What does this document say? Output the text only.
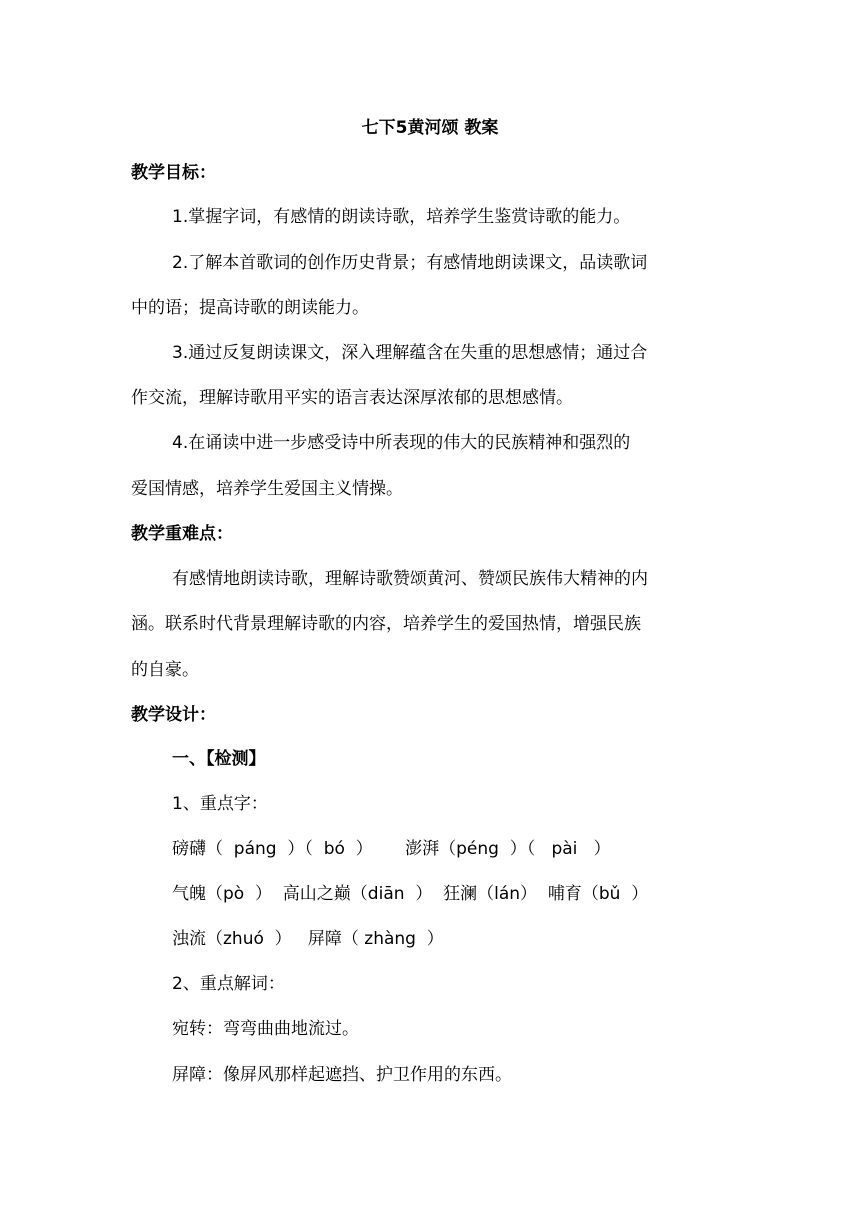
七下5黄河颂 教案
教学目标：
1.掌握字词，有感情的朗读诗歌，培养学生鉴赏诗歌的能力。
2.了解本首歌词的创作历史背景；有感情地朗读课文，品读歌词
中的语；提高诗歌的朗读能力。
3.通过反复朗读课文，深入理解蕴含在失重的思想感情；通过合
作交流，理解诗歌用平实的语言表达深厚浓郁的思想感情。
4.在诵读中进一步感受诗中所表现的伟大的民族精神和强烈的
爱国情感，培养学生爱国主义情操。
教学重难点：
有感情地朗读诗歌，理解诗歌赞颂黄河、赞颂民族伟大精神的内
涵。联系时代背景理解诗歌的内容，培养学生的爱国热情，增强民族
的自豪。
教学设计：
一、【检测】
1、重点字：
磅礴（  páng  ）（  bó  ）      澎湃（péng  ）（   pài   ）
气魄（pò  ）  高山之巅（diān  ）  狂澜（lán）  哺育（bǔ  ）
浊流（zhuó  ）   屏障（ zhàng  ）
2、重点解词：
宛转：弯弯曲曲地流过。
屏障：像屏风那样起遮挡、护卫作用的东西。
